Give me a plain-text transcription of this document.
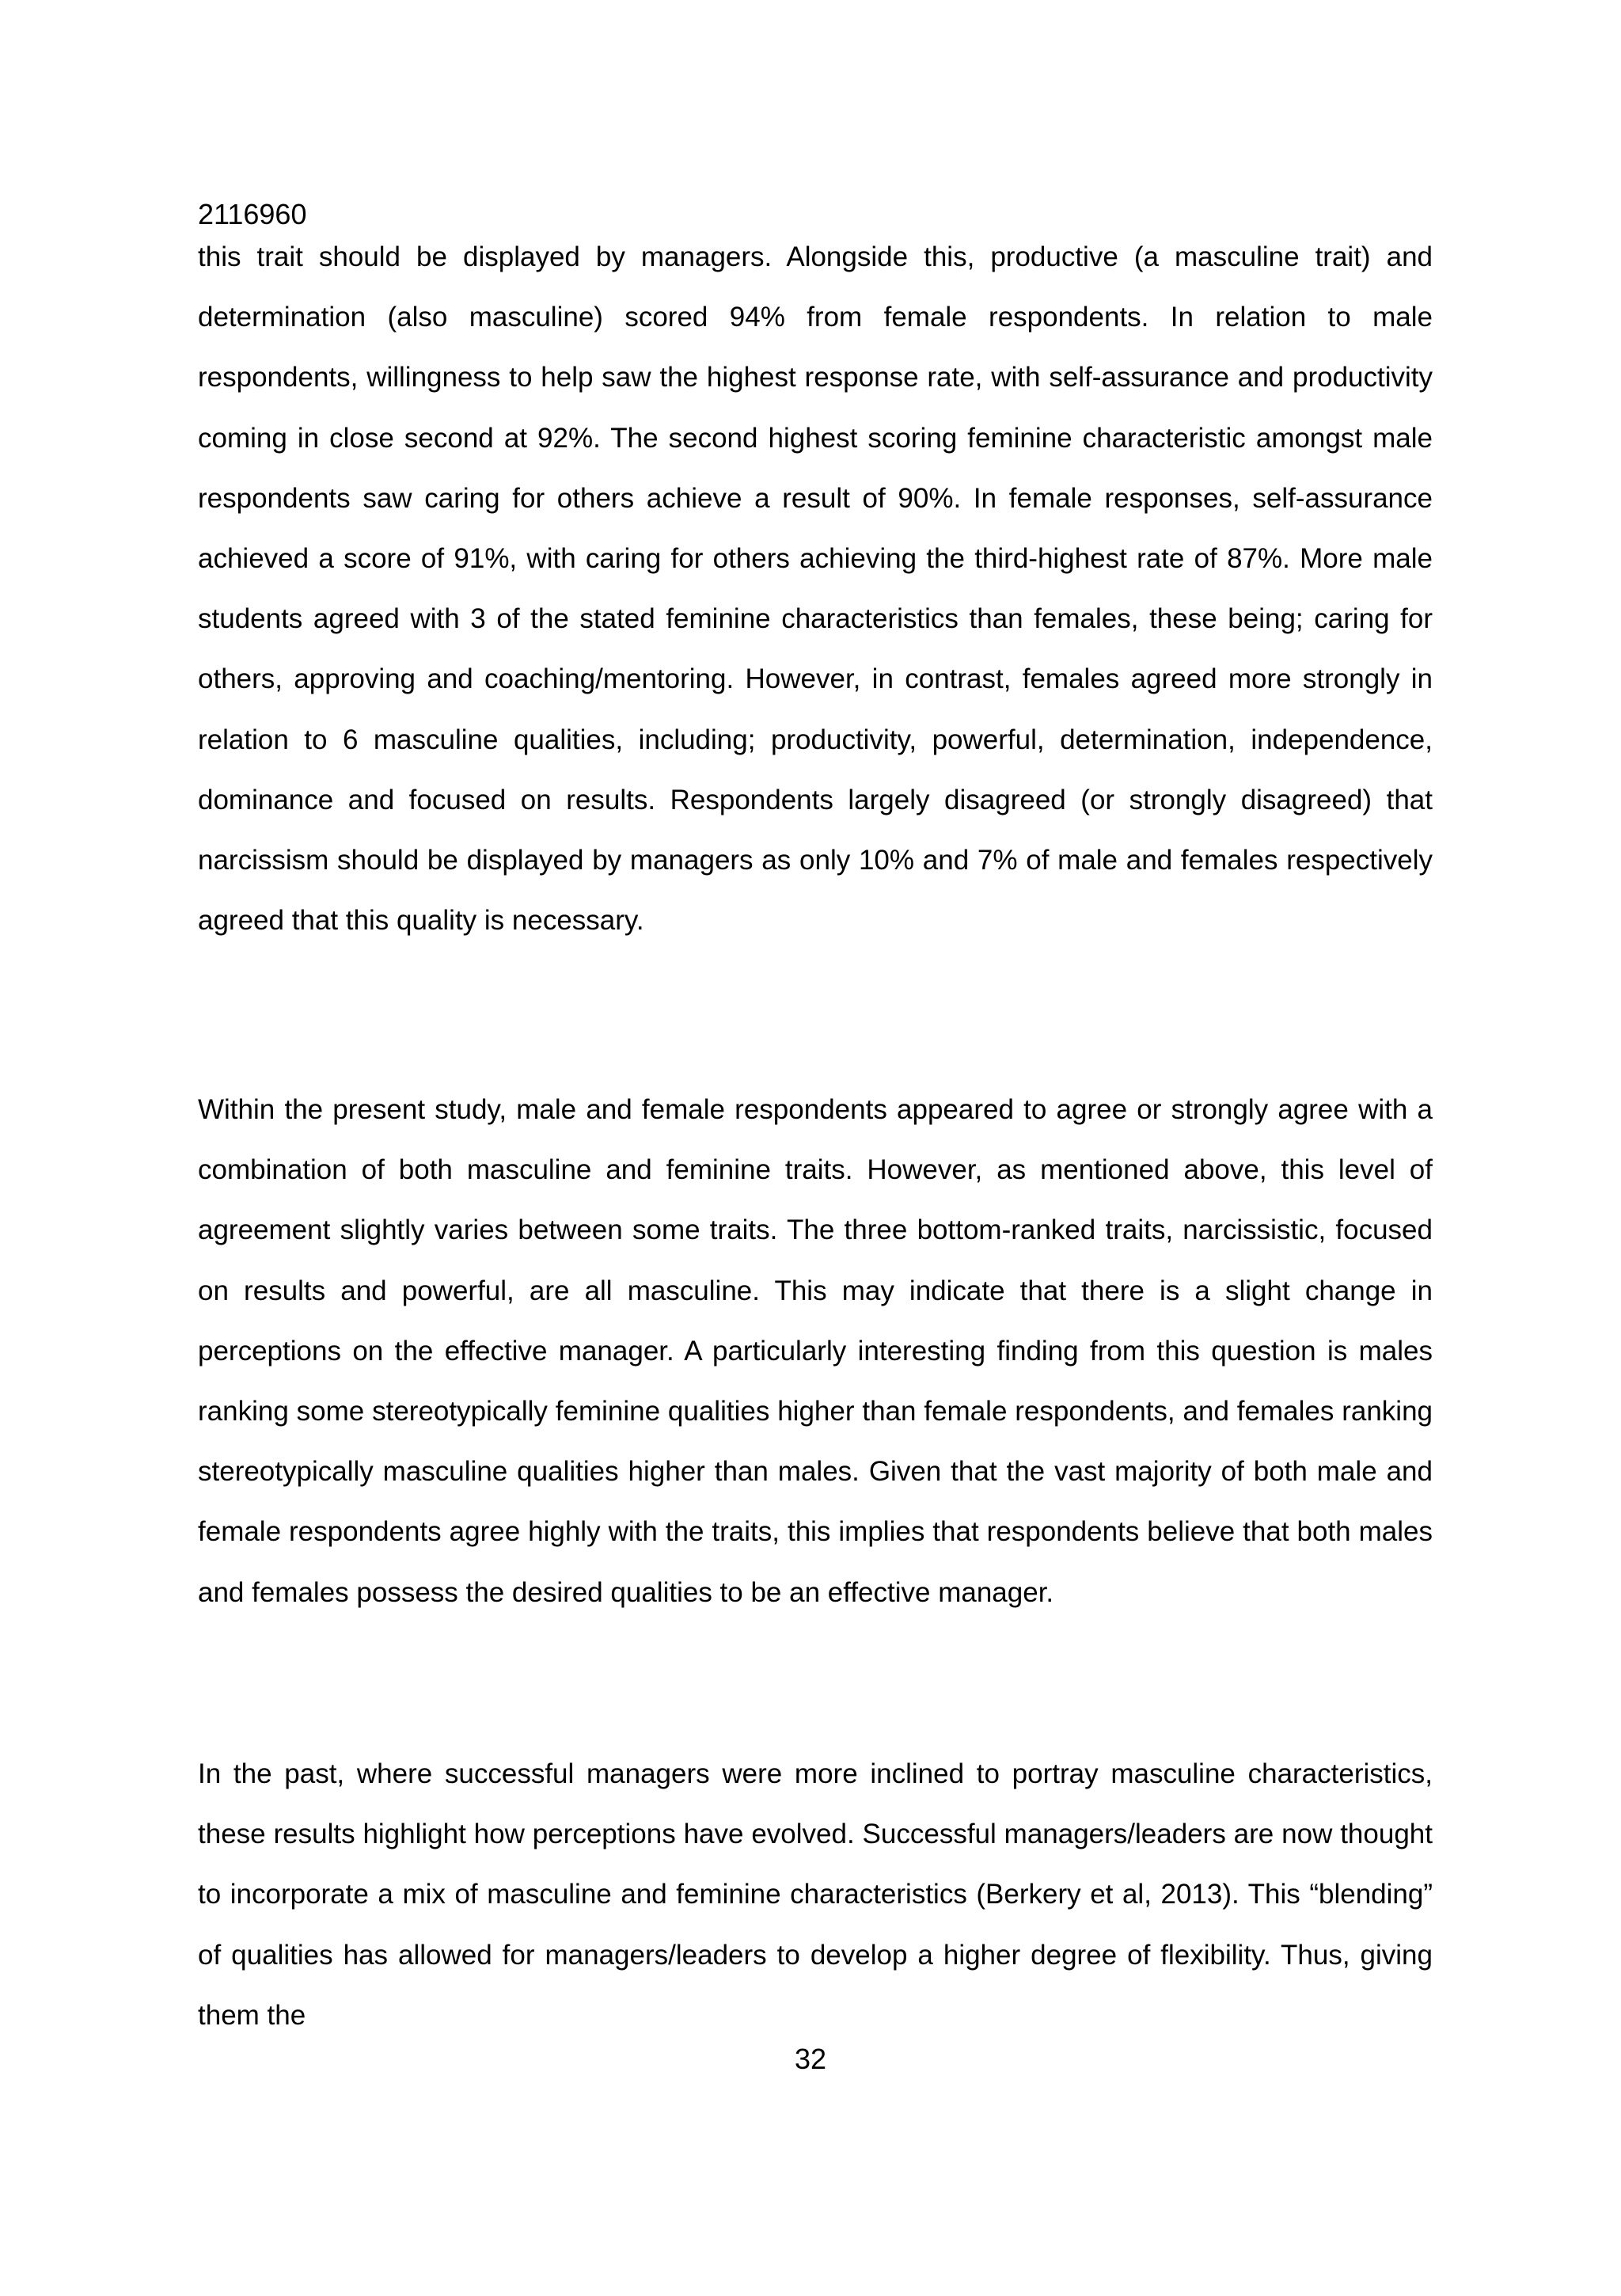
2116960

this trait should be displayed by managers. Alongside this, productive (a masculine trait) and determination (also masculine) scored 94% from female respondents. In relation to male respondents, willingness to help saw the highest response rate, with self-assurance and productivity coming in close second at 92%. The second highest scoring feminine characteristic amongst male respondents saw caring for others achieve a result of 90%. In female responses, self-assurance achieved a score of 91%, with caring for others achieving the third-highest rate of 87%. More male students agreed with 3 of the stated feminine characteristics than females, these being; caring for others, approving and coaching/mentoring. However, in contrast, females agreed more strongly in relation to 6 masculine qualities, including; productivity, powerful, determination, independence, dominance and focused on results. Respondents largely disagreed (or strongly disagreed) that narcissism should be displayed by managers as only 10% and 7% of male and females respectively agreed that this quality is necessary.

Within the present study, male and female respondents appeared to agree or strongly agree with a combination of both masculine and feminine traits. However, as mentioned above, this level of agreement slightly varies between some traits. The three bottom-ranked traits, narcissistic, focused on results and powerful, are all masculine. This may indicate that there is a slight change in perceptions on the effective manager. A particularly interesting finding from this question is males ranking some stereotypically feminine qualities higher than female respondents, and females ranking stereotypically masculine qualities higher than males. Given that the vast majority of both male and female respondents agree highly with the traits, this implies that respondents believe that both males and females possess the desired qualities to be an effective manager.

In the past, where successful managers were more inclined to portray masculine characteristics, these results highlight how perceptions have evolved. Successful managers/leaders are now thought to incorporate a mix of masculine and feminine characteristics (Berkery et al, 2013). This “blending” of qualities has allowed for managers/leaders to develop a higher degree of flexibility. Thus, giving them the

32
